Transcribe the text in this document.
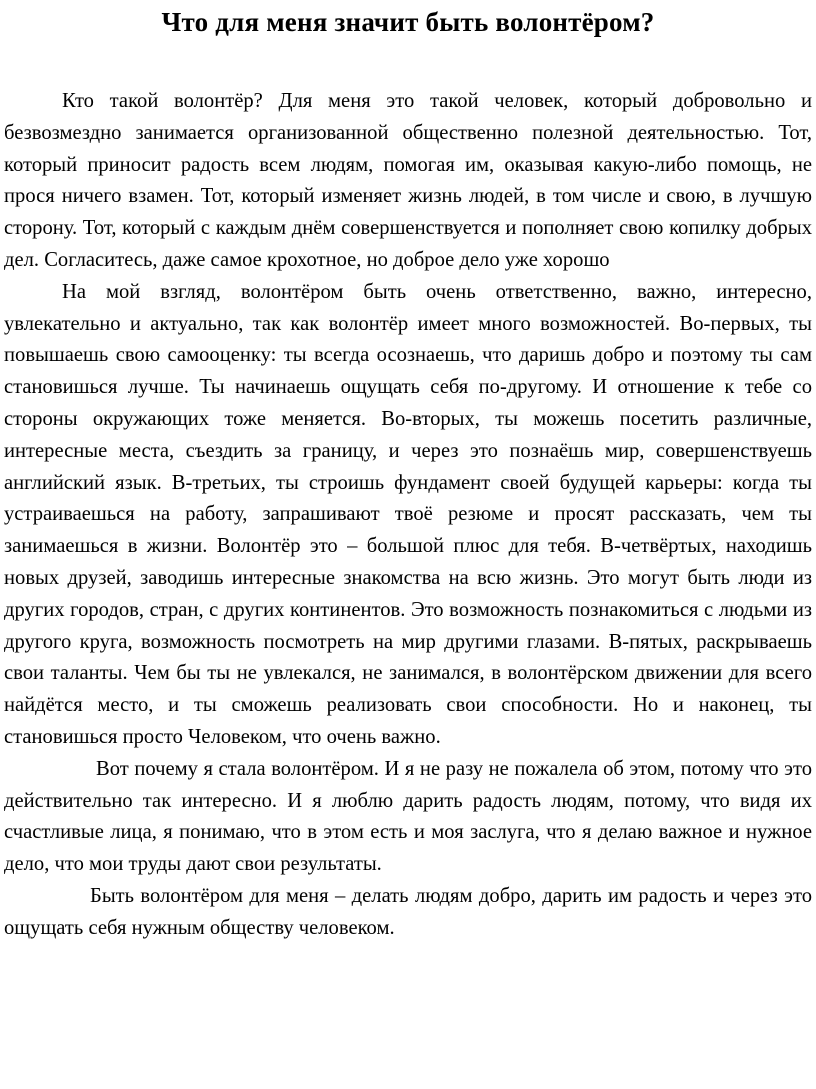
Что для меня значит быть волонтёром?

Кто такой волонтёр? Для меня это такой человек, который добровольно и безвозмездно занимается организованной общественно полезной деятельностью. Тот, который приносит радость всем людям, помогая им, оказывая какую-либо помощь, не прося ничего взамен. Тот, который изменяет жизнь людей, в том числе и свою, в лучшую сторону. Тот, который с каждым днём совершенствуется и пополняет свою копилку добрых дел. Согласитесь, даже самое крохотное, но доброе дело уже хорошо

На мой взгляд, волонтёром быть очень ответственно, важно, интересно, увлекательно и актуально, так как волонтёр имеет много возможностей. Во-первых, ты повышаешь свою самооценку: ты всегда осознаешь, что даришь добро и поэтому ты сам становишься лучше. Ты начинаешь ощущать себя по-другому. И отношение к тебе со стороны окружающих тоже меняется. Во-вторых, ты можешь посетить различные, интересные места, съездить за границу, и через это познаёшь мир, совершенствуешь английский язык. В-третьих, ты строишь фундамент своей будущей карьеры: когда ты устраиваешься на работу, запрашивают твоё резюме и просят рассказать, чем ты занимаешься в жизни. Волонтёр это – большой плюс для тебя. В-четвёртых, находишь новых друзей, заводишь интересные знакомства на всю жизнь. Это могут быть люди из других городов, стран, с других континентов. Это возможность познакомиться с людьми из другого круга, возможность посмотреть на мир другими глазами. В-пятых, раскрываешь свои таланты. Чем бы ты не увлекался, не занимался, в волонтёрском движении для всего найдётся место, и ты сможешь реализовать свои способности. Но и наконец, ты становишься просто Человеком, что очень важно.

Вот почему я стала волонтёром. И я не разу не пожалела об этом, потому что это действительно так интересно. И я люблю дарить радость людям, потому, что видя их счастливые лица, я понимаю, что в этом есть и моя заслуга, что я делаю важное и нужное дело, что мои труды дают свои результаты.

Быть волонтёром для меня – делать людям добро, дарить им радость и через это ощущать себя нужным обществу человеком.
